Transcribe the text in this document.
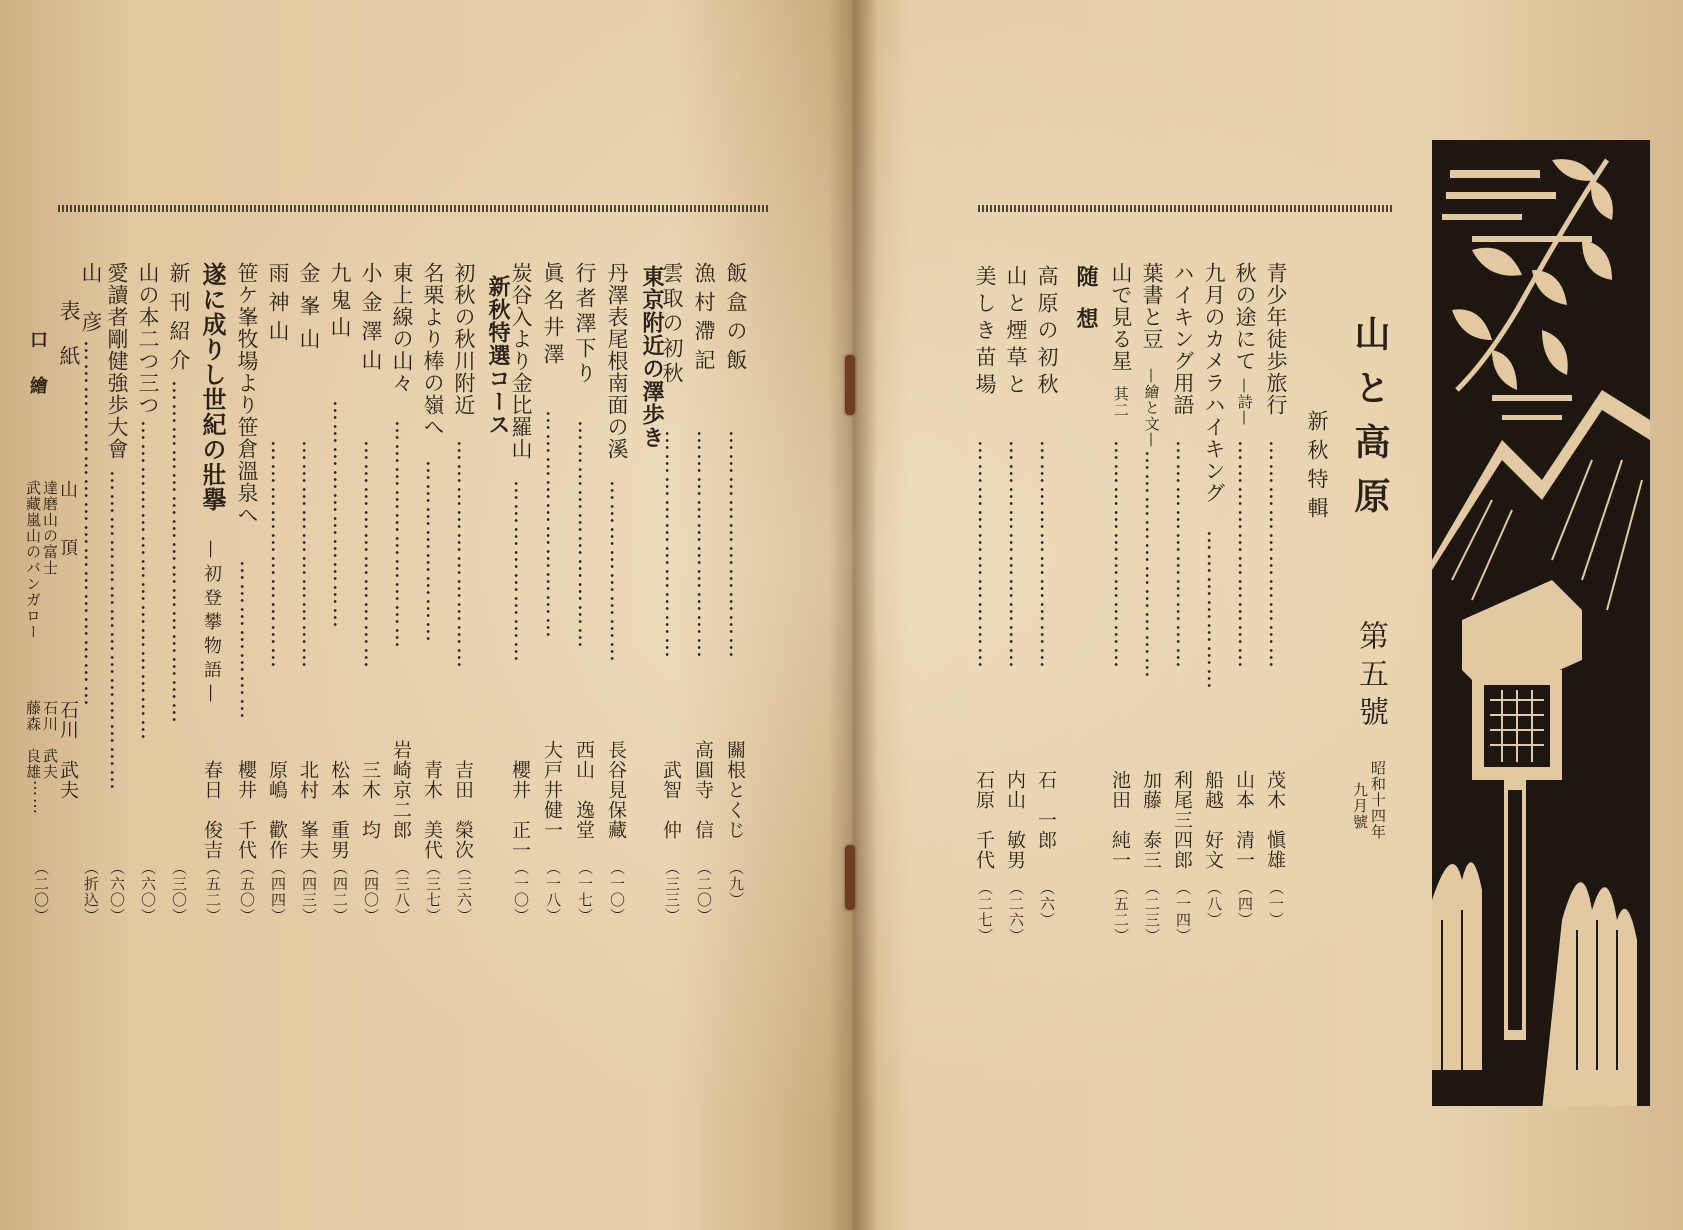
山と高原
第五號
昭和十四年
九月號
新秋特輯
青少年徒歩旅行
…………………………
茂木　愼雄
（一）
秋の途にて
—詩—
…………………………
山本　清一
（四）
九月のカメラハイキング
…………………
船越　好文
（八）
ハイキング用語
…………………………
利尾三四郎
（一四）
葉書と豆
—繪と文—
…………………………
加藤　泰三
（二三）
山で見る星
其二
…………………………
池田　純一
（五二）
随想
高原の初秋
…………………………
石　一郎
（六）
山と煙草と
…………………………
内山　敏男
（二六）
美しき苗場
…………………………
石原　千代
（二七）
HK
飯盒の飯
…………………………
關根とくじ
（九）
漁村滯記
…………………………
高圓寺　信
（二〇）
雲取の初秋
…………………………
武智　仲
（三三）
東京附近の澤歩き
丹澤表尾根南面の溪
……………………
長谷見保藏
（一〇）
行者澤下り
…………………………
西山　逸堂
（一七）
眞名井澤
…………………………
大戸井健一
（一八）
炭谷入より金比羅山
……………………
櫻井　正一
（一〇）
新秋特選コース
初秋の秋川附近
…………………………
吉田　榮次
（三六）
名栗より棒の嶺へ
……………………
青木　美代
（三七）
東上線の山々
…………………………
岩崎京二郎
（三八）
小金澤山
…………………………
三木　均
（四〇）
九鬼山
…………………………
松本　重男
（四二）
金峯山
…………………………
北村　峯夫
（四三）
雨神山
…………………………
原嶋　歡作
（四四）
笹ケ峯牧場より笹倉溫泉へ
…………………
櫻井　千代
（五〇）
遂に成りし世紀の壯擧
—初登攀物語—
春日　俊吉
（五二）
新刊紹介
………………………………………
（三〇）
山の本二つ三つ
……………………………………
（六〇）
愛讀者剛健強歩大會
……………………………………
（六〇）
山彦
…………………………………………
（折込）
表紙
山頂
石川　武夫
口繪
達磨山の富士
武藏嵐山のバンガロー
石川　武夫
藤森　良雄
……
（二〇）
